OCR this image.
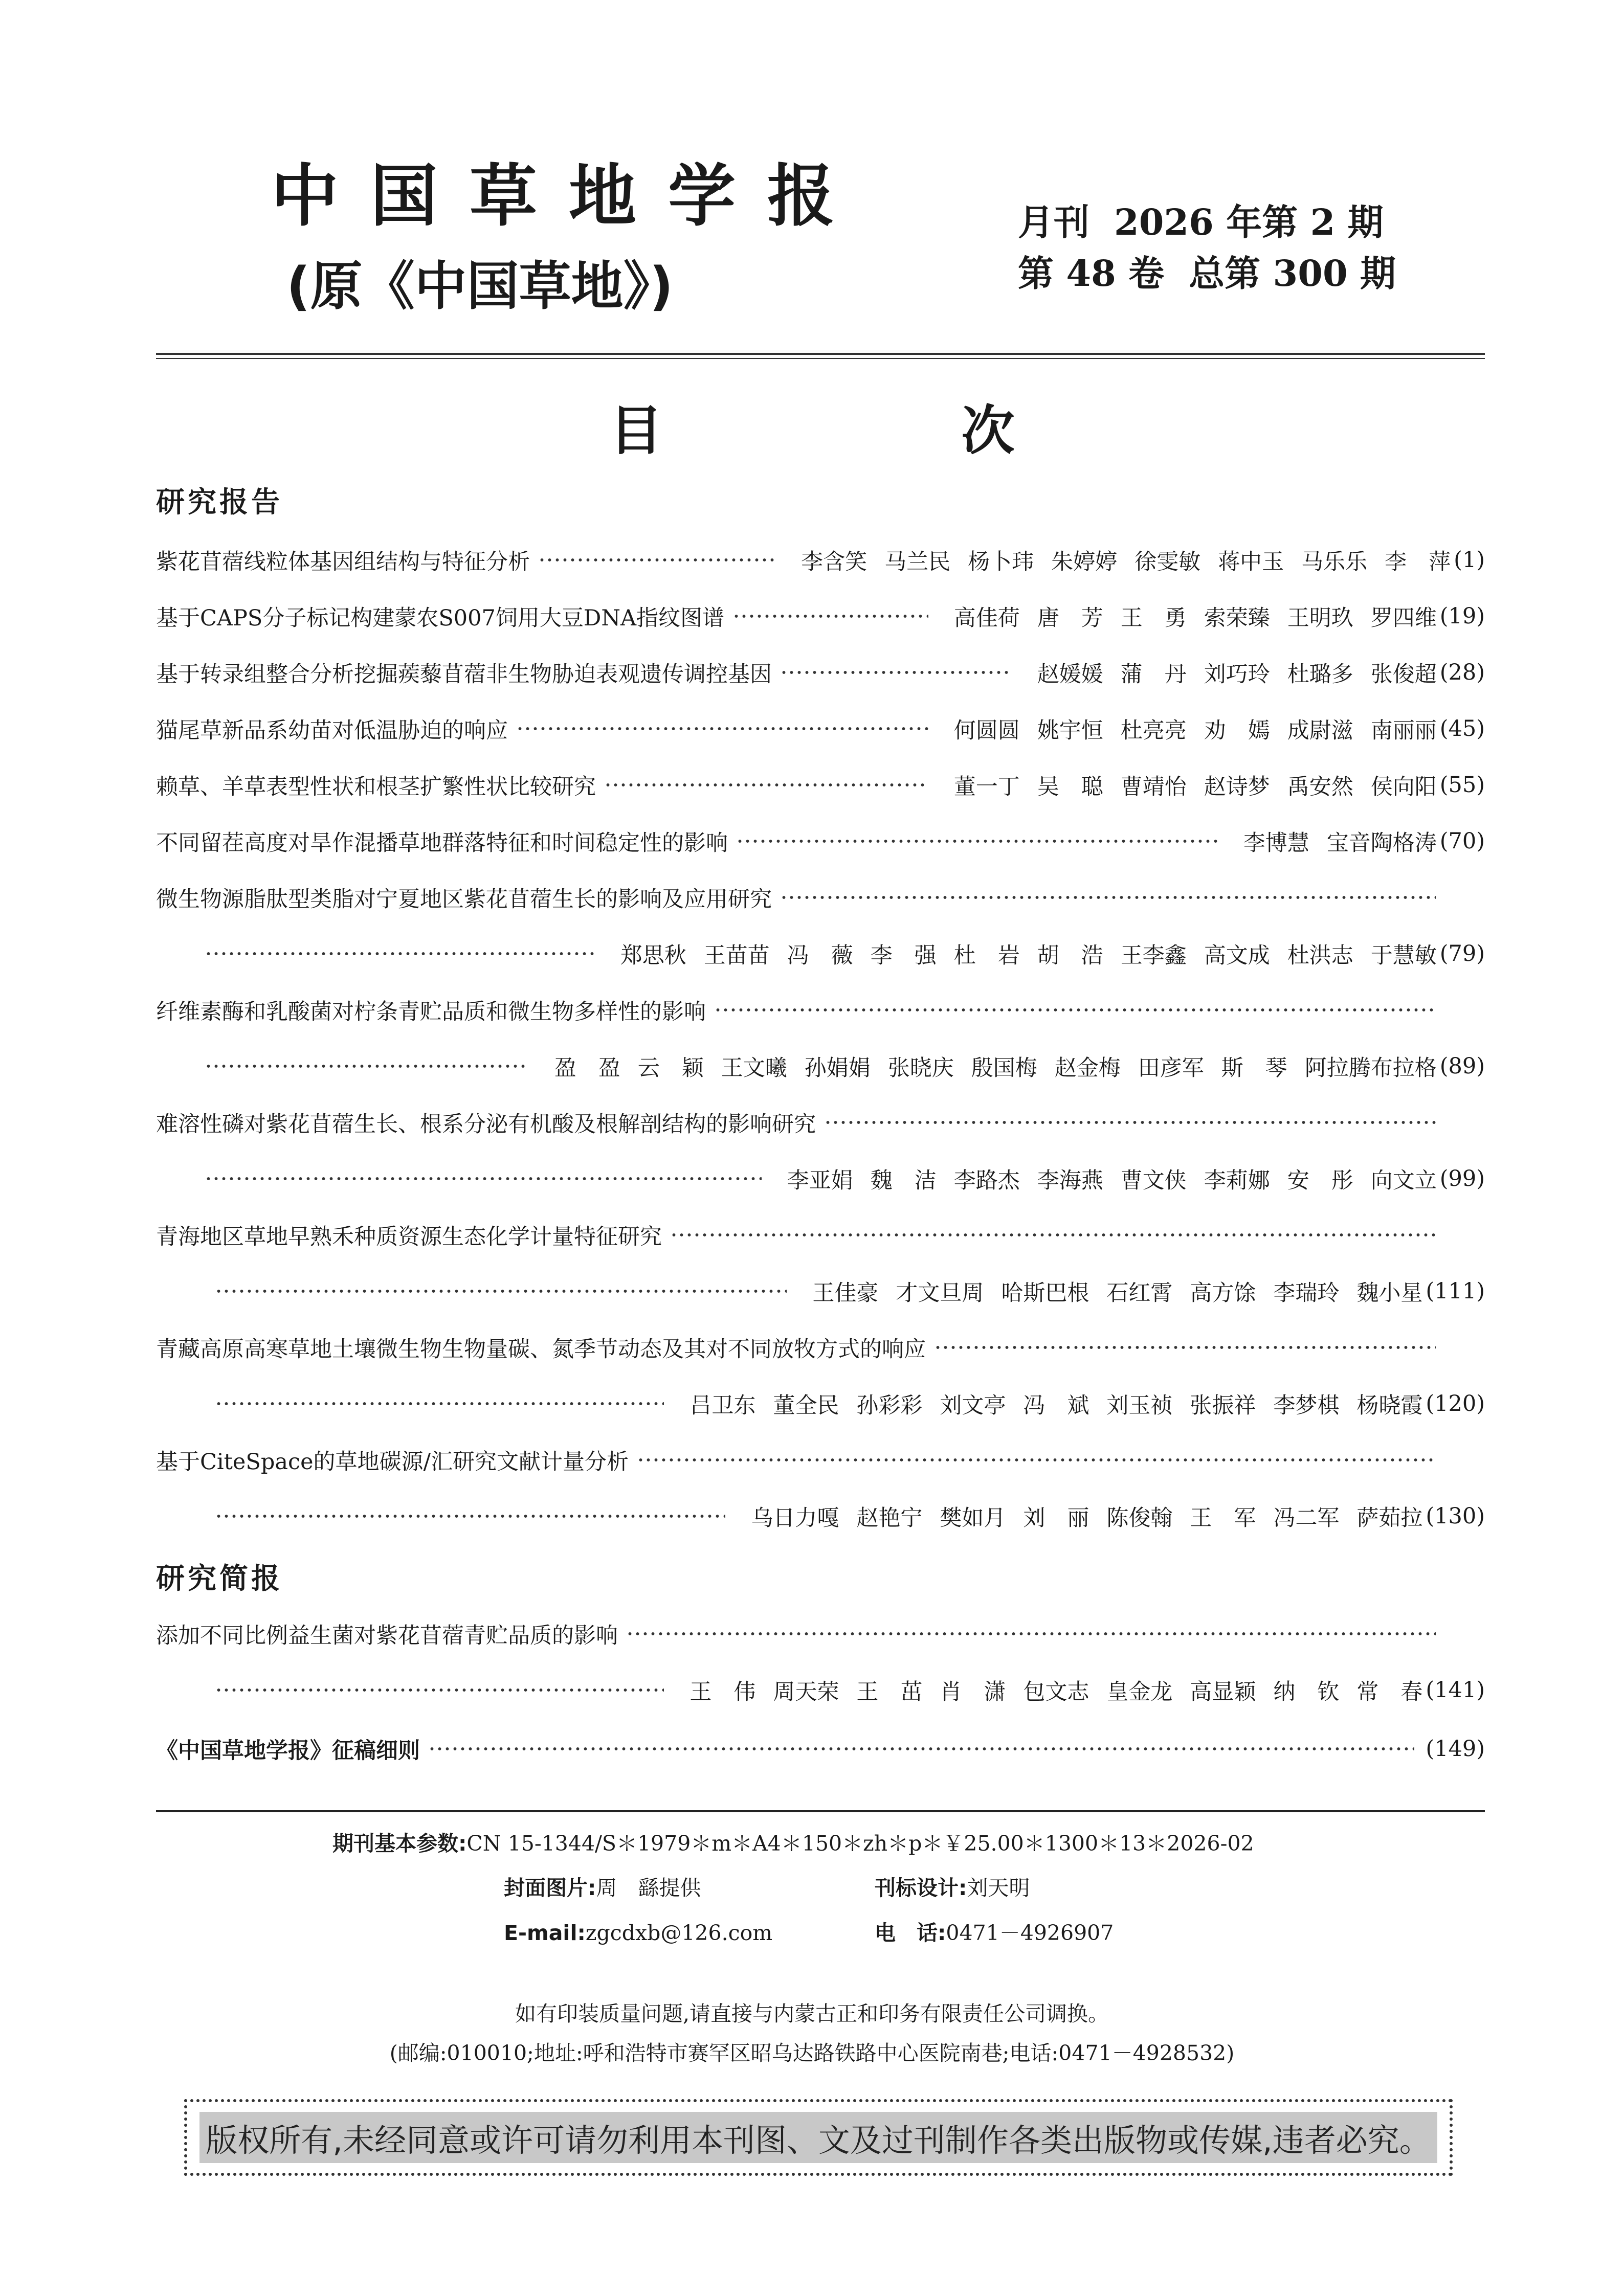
中国草地学报
(原《中国草地》)
月刊 2026 年第 2 期
第 48 卷 总第 300 期
目　次
研究报告
紫花苜蓿线粒体基因组结构与特征分析	李含笑 马兰民 杨卜玮 朱婷婷 徐雯敏 蒋中玉 马乐乐 李　萍 (1)
基于CAPS分子标记构建蒙农S007饲用大豆DNA指纹图谱	高佳荷 唐　芳 王　勇 索荣臻 王明玖 罗四维 (19)
基于转录组整合分析挖掘蒺藜苜蓿非生物胁迫表观遗传调控基因	赵媛媛 蒲　丹 刘巧玲 杜璐多 张俊超 (28)
猫尾草新品系幼苗对低温胁迫的响应	何圆圆 姚宇恒 杜亮亮 劝　嫣 成尉滋 南丽丽 (45)
赖草、羊草表型性状和根茎扩繁性状比较研究	董一丁 吴　聪 曹靖怡 赵诗梦 禹安然 侯向阳 (55)
不同留茬高度对旱作混播草地群落特征和时间稳定性的影响	李博慧 宝音陶格涛 (70)
微生物源脂肽型类脂对宁夏地区紫花苜蓿生长的影响及应用研究
郑思秋 王苗苗 冯　薇 李　强 杜　岩 胡　浩 王李鑫 高文成 杜洪志 于慧敏 (79)
纤维素酶和乳酸菌对柠条青贮品质和微生物多样性的影响
盈　盈 云　颖 王文曦 孙娟娟 张晓庆 殷国梅 赵金梅 田彦军 斯　琴 阿拉腾布拉格 (89)
难溶性磷对紫花苜蓿生长、根系分泌有机酸及根解剖结构的影响研究
李亚娟 魏　洁 李路杰 李海燕 曹文侠 李莉娜 安　彤 向文立 (99)
青海地区草地早熟禾种质资源生态化学计量特征研究
王佳豪 才文旦周 哈斯巴根 石红霄 高方馀 李瑞玲 魏小星 (111)
青藏高原高寒草地土壤微生物生物量碳、氮季节动态及其对不同放牧方式的响应
吕卫东 董全民 孙彩彩 刘文亭 冯　斌 刘玉祯 张振祥 李梦棋 杨晓霞 (120)
基于CiteSpace的草地碳源/汇研究文献计量分析
乌日力嘎 赵艳宁 樊如月 刘　丽 陈俊翰 王　军 冯二军 萨茹拉 (130)
研究简报
添加不同比例益生菌对紫花苜蓿青贮品质的影响
王　伟 周天荣 王　茁 肖　潇 包文志 皇金龙 高显颖 纳　钦 常　春 (141)
《中国草地学报》征稿细则	(149)
期刊基本参数:CN 15-1344/S＊1979＊m＊A4＊150＊zh＊p＊￥25.00＊1300＊13＊2026-02
封面图片:周　繇提供	刊标设计:刘天明
E-mail:zgcdxb@126.com	电　话:0471－4926907
如有印装质量问题,请直接与内蒙古正和印务有限责任公司调换。
(邮编:010010;地址:呼和浩特市赛罕区昭乌达路铁路中心医院南巷;电话:0471－4928532)
版权所有,未经同意或许可请勿利用本刊图、文及过刊制作各类出版物或传媒,违者必究。
